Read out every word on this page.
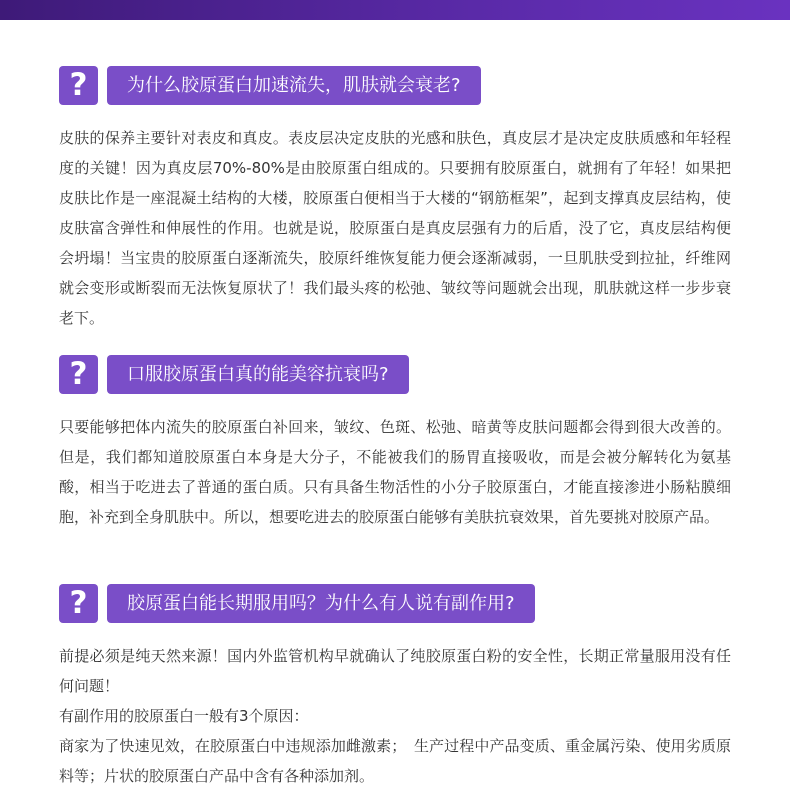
?	为什么胶原蛋白加速流失，肌肤就会衰老?

皮肤的保养主要针对表皮和真皮。表皮层决定皮肤的光感和肤色，真皮层才是决定皮肤质感和年轻程度的关键！因为真皮层70%-80%是由胶原蛋白组成的。只要拥有胶原蛋白，就拥有了年轻！如果把皮肤比作是一座混凝土结构的大楼，胶原蛋白便相当于大楼的“钢筋框架”，起到支撑真皮层结构，使皮肤富含弹性和伸展性的作用。也就是说，胶原蛋白是真皮层强有力的后盾，没了它，真皮层结构便会坍塌！当宝贵的胶原蛋白逐渐流失，胶原纤维恢复能力便会逐渐减弱，一旦肌肤受到拉扯，纤维网就会变形或断裂而无法恢复原状了！我们最头疼的松弛、皱纹等问题就会出现，肌肤就这样一步步衰老下。

?	口服胶原蛋白真的能美容抗衰吗?

只要能够把体内流失的胶原蛋白补回来，皱纹、色斑、松弛、暗黄等皮肤问题都会得到很大改善的。但是，我们都知道胶原蛋白本身是大分子，不能被我们的肠胃直接吸收，而是会被分解转化为氨基酸，相当于吃进去了普通的蛋白质。只有具备生物活性的小分子胶原蛋白，才能直接渗进小肠粘膜细胞，补充到全身肌肤中。所以，想要吃进去的胶原蛋白能够有美肤抗衰效果，首先要挑对胶原产品。

?	胶原蛋白能长期服用吗？为什么有人说有副作用?

前提必须是纯天然来源！国内外监管机构早就确认了纯胶原蛋白粉的安全性，长期正常量服用没有任何问题！

有副作用的胶原蛋白一般有3个原因：

商家为了快速见效，在胶原蛋白中违规添加雌激素；　生产过程中产品变质、重金属污染、使用劣质原料等；片状的胶原蛋白产品中含有各种添加剂。
